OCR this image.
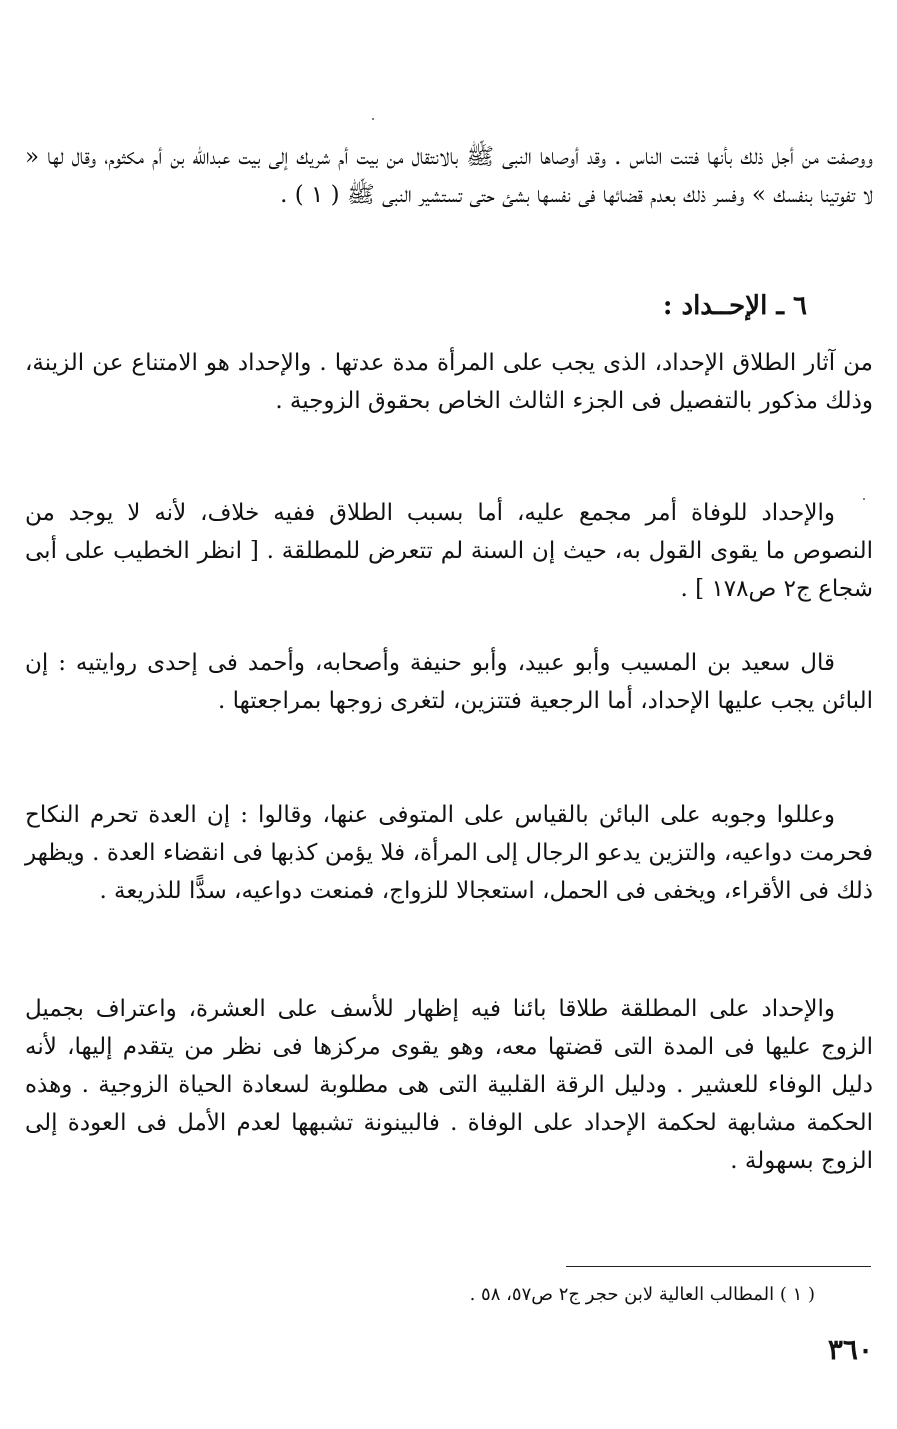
ووصفت من أجل ذلك بأنها فتنت الناس . وقد أوصاها النبى ﷺ بالانتقال من بيت أم شريك إلى بيت عبدالله بن أم مكثوم، وقال لها « لا تفوتينا بنفسك » وفسر ذلك بعدم قضائها فى نفسها بشئ حتى تستشير النبى ﷺ ( ١ ) .

٦ ـ الإحــداد :

من آثار الطلاق الإحداد، الذى يجب على المرأة مدة عدتها . والإحداد هو الامتناع عن الزينة، وذلك مذكور بالتفصيل فى الجزء الثالث الخاص بحقوق الزوجية .

والإحداد للوفاة أمر مجمع عليه، أما بسبب الطلاق ففيه خلاف، لأنه لا يوجد من النصوص ما يقوى القول به، حيث إن السنة لم تتعرض للمطلقة . [ انظر الخطيب على أبى شجاع ج٢ ص١٧٨ ] .

قال سعيد بن المسيب وأبو عبيد، وأبو حنيفة وأصحابه، وأحمد فى إحدى روايتيه : إن البائن يجب عليها الإحداد، أما الرجعية فتتزين، لتغرى زوجها بمراجعتها .

وعللوا وجوبه على البائن بالقياس على المتوفى عنها، وقالوا : إن العدة تحرم النكاح فحرمت دواعيه، والتزين يدعو الرجال إلى المرأة، فلا يؤمن كذبها فى انقضاء العدة . ويظهر ذلك فى الأقراء، ويخفى فى الحمل، استعجالا للزواج، فمنعت دواعيه، سدًّا للذريعة .

والإحداد على المطلقة طلاقا بائنا فيه إظهار للأسف على العشرة، واعتراف بجميل الزوج عليها فى المدة التى قضتها معه، وهو يقوى مركزها فى نظر من يتقدم إليها، لأنه دليل الوفاء للعشير . ودليل الرقة القلبية التى هى مطلوبة لسعادة الحياة الزوجية . وهذه الحكمة مشابهة لحكمة الإحداد على الوفاة . فالبينونة تشبهها لعدم الأمل فى العودة إلى الزوج بسهولة .

( ١ ) المطالب العالية لابن حجر ج٢ ص٥٧، ٥٨ .
٣٦٠
